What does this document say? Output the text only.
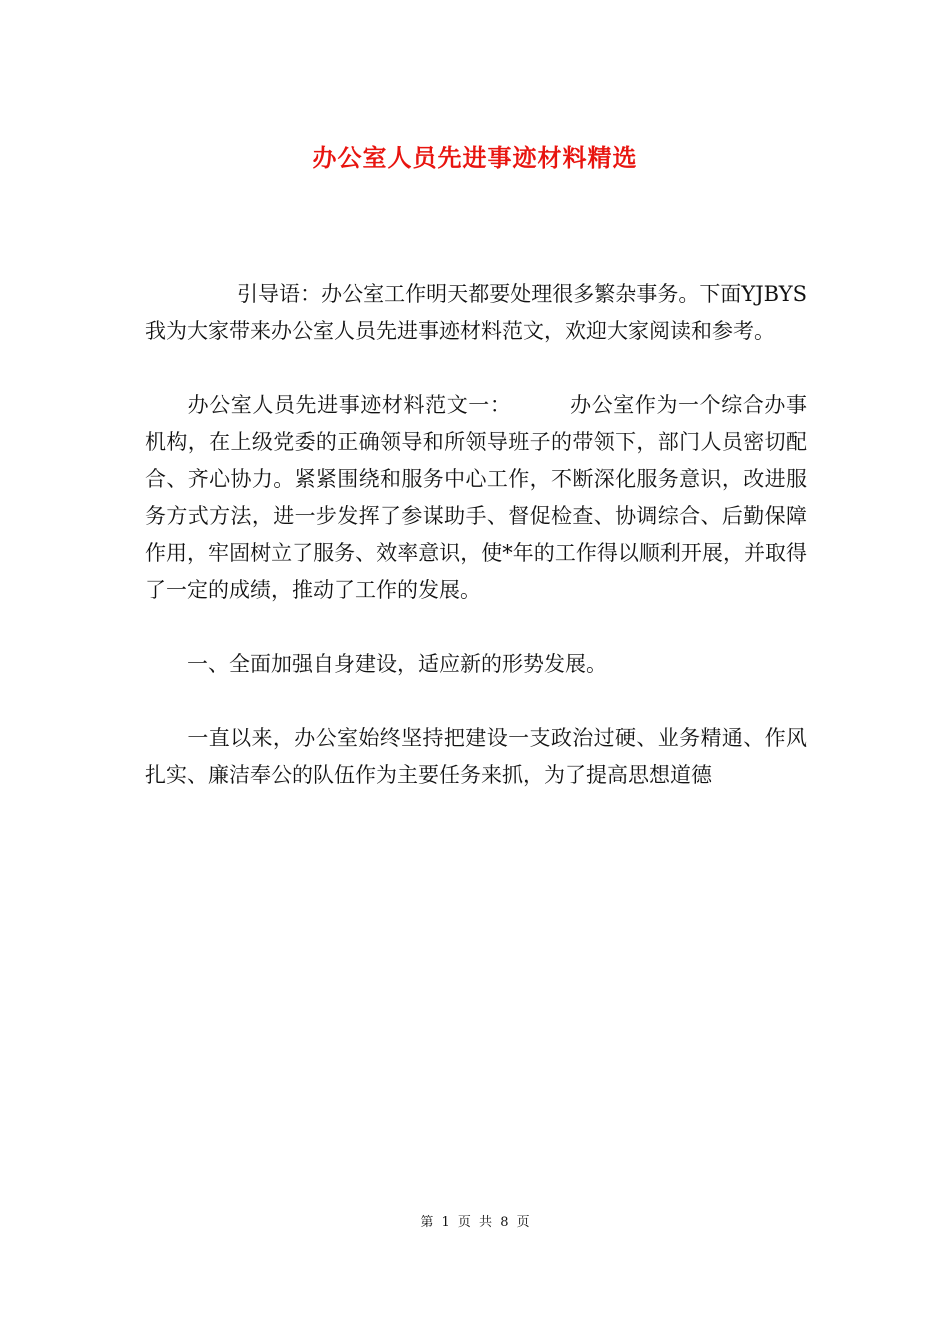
办公室人员先进事迹材料精选

引导语：办公室工作明天都要处理很多繁杂事务。下面YJBYS我为大家带来办公室人员先进事迹材料范文，欢迎大家阅读和参考。

办公室人员先进事迹材料范文一：	办公室作为一个综合办事机构，在上级党委的正确领导和所领导班子的带领下，部门人员密切配合、齐心协力。紧紧围绕和服务中心工作，不断深化服务意识，改进服务方式方法，进一步发挥了参谋助手、督促检查、协调综合、后勤保障作用，牢固树立了服务、效率意识，使*年的工作得以顺利开展，并取得了一定的成绩，推动了工作的发展。

一、全面加强自身建设，适应新的形势发展。

一直以来，办公室始终坚持把建设一支政治过硬、业务精通、作风扎实、廉洁奉公的队伍作为主要任务来抓，为了提高思想道德

第 1 页 共 8 页
